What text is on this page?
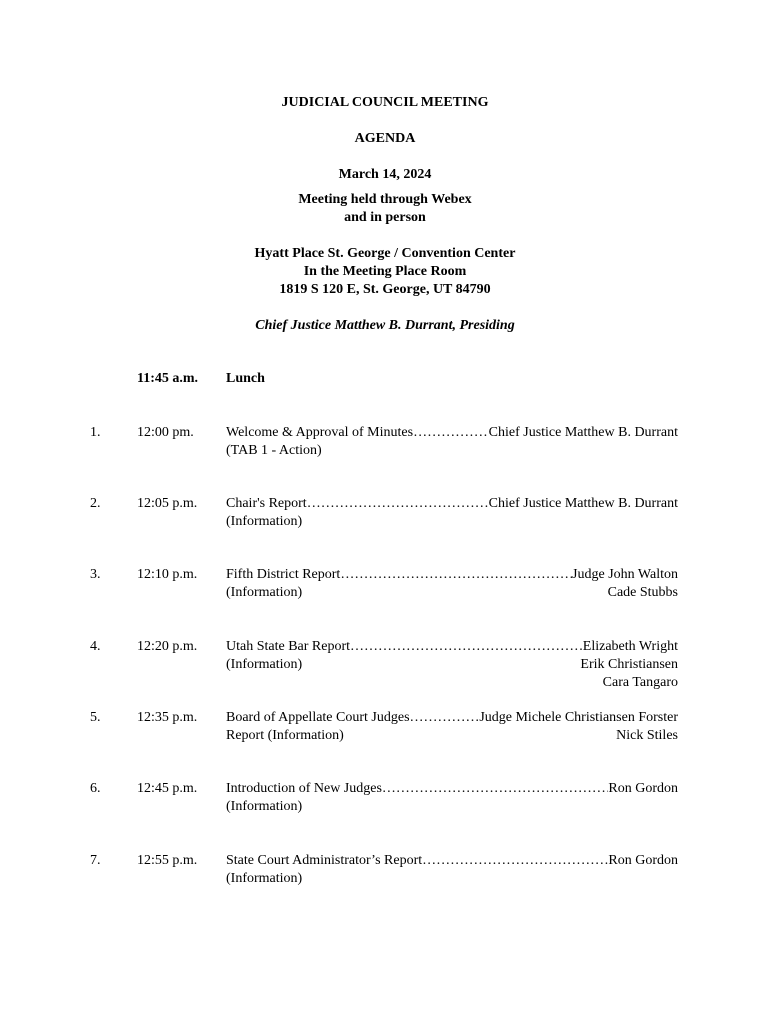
JUDICIAL COUNCIL MEETING
AGENDA
March 14, 2024
Meeting held through Webex
and in person
Hyatt Place St. George / Convention Center
In the Meeting Place Room
1819 S 120 E, St. George, UT 84790
Chief Justice Matthew B. Durrant, Presiding
11:45 a.m. Lunch
1.	12:00 pm. Welcome & Approval of Minutes ……………………………………………………………………………………………………………………………………	Chief Justice Matthew B. Durrant
(TAB 1 - Action)
2.	12:05 p.m. Chair's Report ……………………………………………………………………………………………………………………………………	Chief Justice Matthew B. Durrant
(Information)
3.	12:10 p.m. Fifth District Report ……………………………………………………………………………………………………………………………………	Judge John Walton
(Information)	Cade Stubbs
4.	12:20 p.m. Utah State Bar Report ……………………………………………………………………………………………………………………………………	Elizabeth Wright
(Information)	Erik Christiansen
Cara Tangaro
5.	12:35 p.m. Board of Appellate Court Judges ……………………………………………………………………………………………………………………………………	Judge Michele Christiansen Forster
Report (Information)	Nick Stiles
6.	12:45 p.m. Introduction of New Judges ……………………………………………………………………………………………………………………………………	Ron Gordon
(Information)
7.	12:55 p.m. State Court Administrator’s Report ……………………………………………………………………………………………………………………………………	Ron Gordon
(Information)
